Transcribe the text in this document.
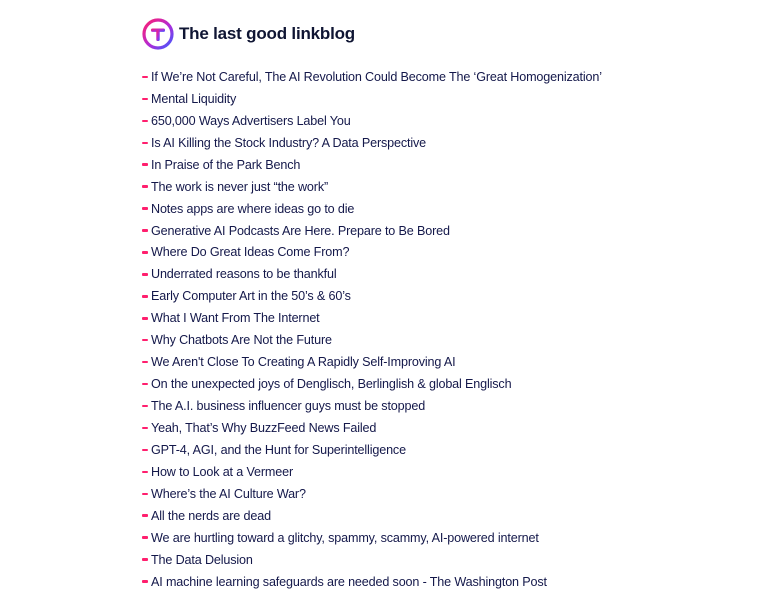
The last good linkblog
If We’re Not Careful, The AI Revolution Could Become The ‘Great Homogenization’
Mental Liquidity
650,000 Ways Advertisers Label You
Is AI Killing the Stock Industry? A Data Perspective
In Praise of the Park Bench
The work is never just “the work”
Notes apps are where ideas go to die
Generative AI Podcasts Are Here. Prepare to Be Bored
Where Do Great Ideas Come From?
Underrated reasons to be thankful
Early Computer Art in the 50’s & 60’s
What I Want From The Internet
Why Chatbots Are Not the Future
We Aren't Close To Creating A Rapidly Self-Improving AI
On the unexpected joys of Denglisch, Berlinglish & global Englisch
The A.I. business influencer guys must be stopped
Yeah, That’s Why BuzzFeed News Failed
GPT-4, AGI, and the Hunt for Superintelligence
How to Look at a Vermeer
Where’s the AI Culture War?
All the nerds are dead
We are hurtling toward a glitchy, spammy, scammy, AI-powered internet
The Data Delusion
AI machine learning safeguards are needed soon - The Washington Post
